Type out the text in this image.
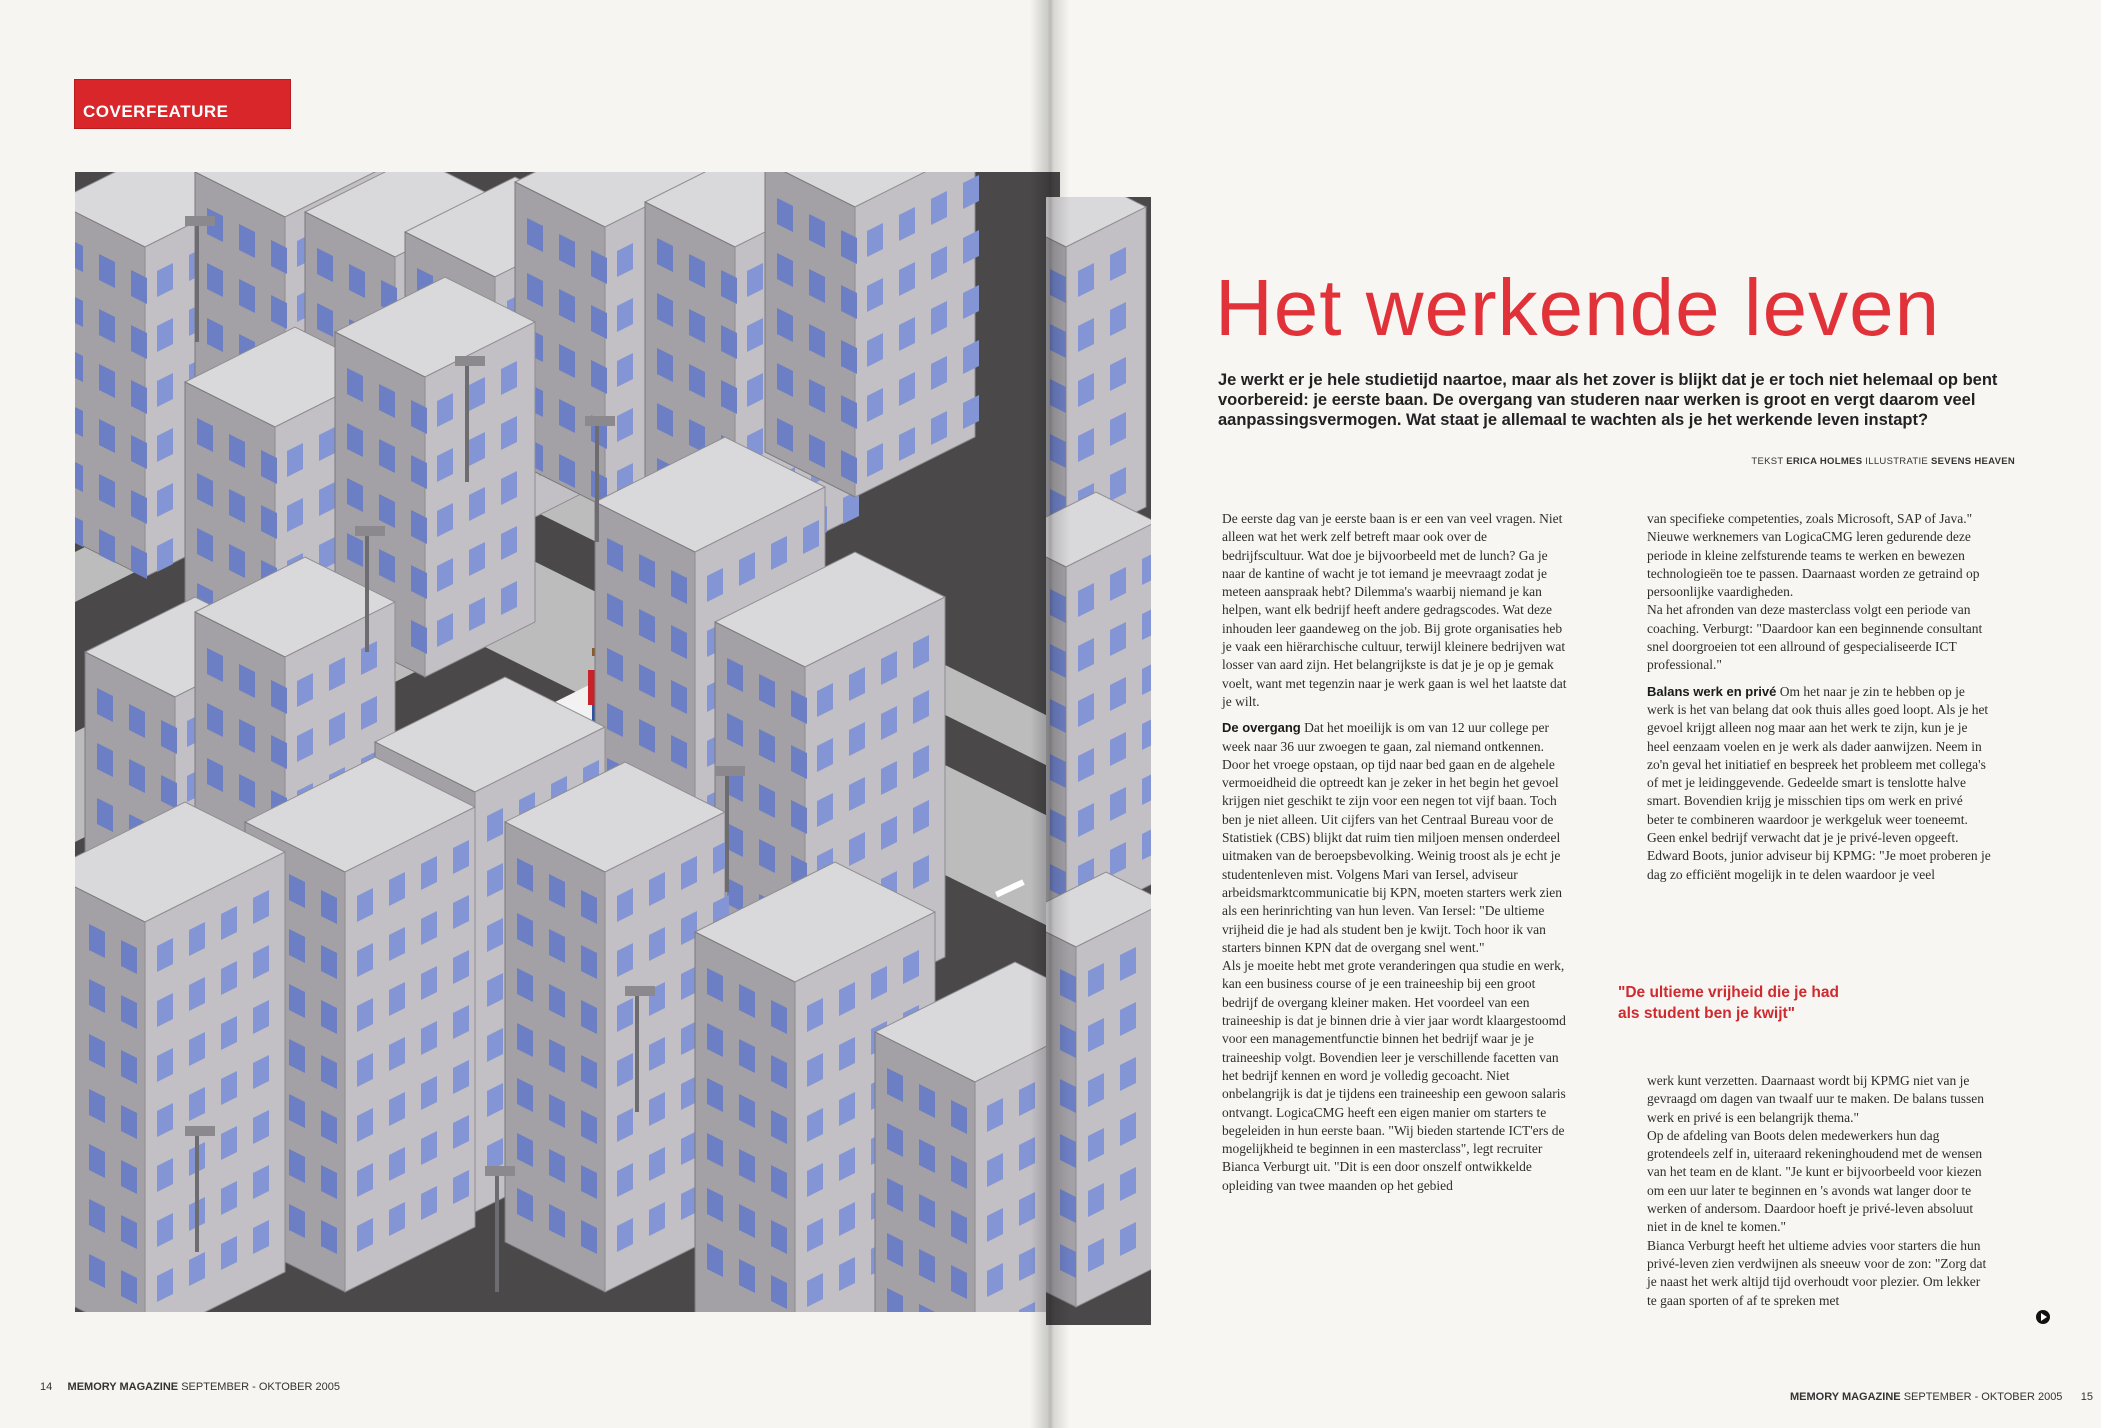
COVERFEATURE
14 MEMORY MAGAZINE SEPTEMBER - OKTOBER 2005
Het werkende leven

Je werkt er je hele studietijd naartoe, maar als het zover is blijkt dat je er toch niet helemaal op bent voorbereid: je eerste baan. De overgang van studeren naar werken is groot en vergt daarom veel aanpassingsvermogen. Wat staat je allemaal te wachten als je het werkende leven instapt?

TEKST ERICA HOLMES ILLUSTRATIE SEVENS HEAVEN

De eerste dag van je eerste baan is er een van veel vragen. Niet alleen wat het werk zelf betreft maar ook over de bedrijfscultuur. Wat doe je bijvoorbeeld met de lunch? Ga je naar de kantine of wacht je tot iemand je meevraagt zodat je meteen aanspraak hebt? Dilemma's waarbij niemand je kan helpen, want elk bedrijf heeft andere gedragscodes. Wat deze inhouden leer gaandeweg on the job. Bij grote organisaties heb je vaak een hiërarchische cultuur, terwijl kleinere bedrijven wat losser van aard zijn. Het belangrijkste is dat je je op je gemak voelt, want met tegenzin naar je werk gaan is wel het laatste dat je wilt.

De overgang Dat het moeilijk is om van 12 uur college per week naar 36 uur zwoegen te gaan, zal niemand ontkennen. Door het vroege opstaan, op tijd naar bed gaan en de algehele vermoeidheid die optreedt kan je zeker in het begin het gevoel krijgen niet geschikt te zijn voor een negen tot vijf baan. Toch ben je niet alleen. Uit cijfers van het Centraal Bureau voor de Statistiek (CBS) blijkt dat ruim tien miljoen mensen onderdeel uitmaken van de beroepsbevolking. Weinig troost als je echt je studentenleven mist. Volgens Mari van Iersel, adviseur arbeidsmarktcommunicatie bij KPN, moeten starters werk zien als een herinrichting van hun leven. Van Iersel: "De ultieme vrijheid die je had als student ben je kwijt. Toch hoor ik van starters binnen KPN dat de overgang snel went."

Als je moeite hebt met grote veranderingen qua studie en werk, kan een business course of je een traineeship bij een groot bedrijf de overgang kleiner maken. Het voordeel van een traineeship is dat je binnen drie à vier jaar wordt klaargestoomd voor een managementfunctie binnen het bedrijf waar je je traineeship volgt. Bovendien leer je verschillende facetten van het bedrijf kennen en word je volledig gecoacht. Niet onbelangrijk is dat je tijdens een traineeship een gewoon salaris ontvangt. LogicaCMG heeft een eigen manier om starters te begeleiden in hun eerste baan. "Wij bieden startende ICT'ers de mogelijkheid te beginnen in een masterclass", legt recruiter Bianca Verburgt uit. "Dit is een door onszelf ontwikkelde opleiding van twee maanden op het gebied

van specifieke competenties, zoals Microsoft, SAP of Java." Nieuwe werknemers van LogicaCMG leren gedurende deze periode in kleine zelfsturende teams te werken en bewezen technologieën toe te passen. Daarnaast worden ze getraind op persoonlijke vaardigheden.

Na het afronden van deze masterclass volgt een periode van coaching. Verburgt: "Daardoor kan een beginnende consultant snel doorgroeien tot een allround of gespecialiseerde ICT professional."

Balans werk en privé Om het naar je zin te hebben op je werk is het van belang dat ook thuis alles goed loopt. Als je het gevoel krijgt alleen nog maar aan het werk te zijn, kun je je heel eenzaam voelen en je werk als dader aanwijzen. Neem in zo'n geval het initiatief en bespreek het probleem met collega's of met je leidinggevende. Gedeelde smart is tenslotte halve smart. Bovendien krijg je misschien tips om werk en privé beter te combineren waardoor je werkgeluk weer toeneemt. Geen enkel bedrijf verwacht dat je je privé-leven opgeeft. Edward Boots, junior adviseur bij KPMG: "Je moet proberen je dag zo efficiënt mogelijk in te delen waardoor je veel

"De ultieme vrijheid die je had als student ben je kwijt"

werk kunt verzetten. Daarnaast wordt bij KPMG niet van je gevraagd om dagen van twaalf uur te maken. De balans tussen werk en privé is een belangrijk thema."

Op de afdeling van Boots delen medewerkers hun dag grotendeels zelf in, uiteraard rekeninghoudend met de wensen van het team en de klant. "Je kunt er bijvoorbeeld voor kiezen om een uur later te beginnen en 's avonds wat langer door te werken of andersom. Daardoor hoeft je privé-leven absoluut niet in de knel te komen."

Bianca Verburgt heeft het ultieme advies voor starters die hun privé-leven zien verdwijnen als sneeuw voor de zon: "Zorg dat je naast het werk altijd tijd overhoudt voor plezier. Om lekker te gaan sporten of af te spreken met

MEMORY MAGAZINE SEPTEMBER - OKTOBER 2005 15
